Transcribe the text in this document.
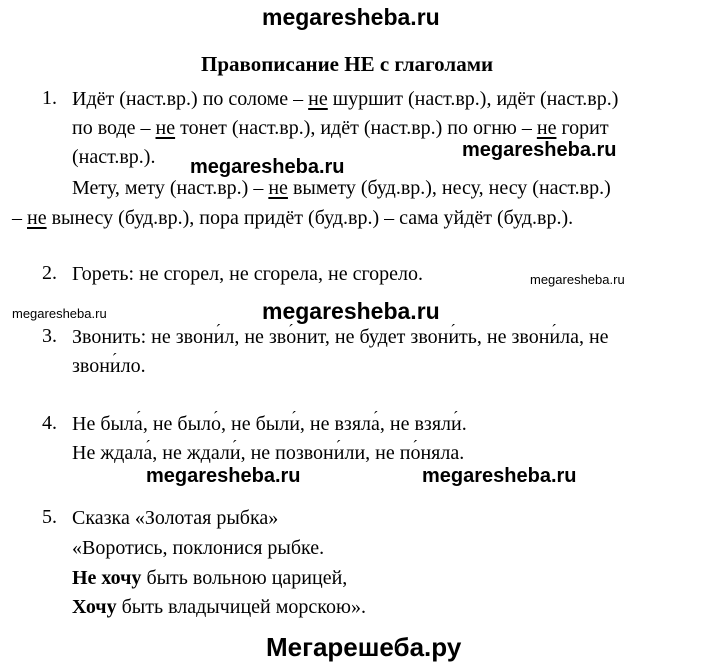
megaresheba.ru
Правописание НЕ с глаголами
1. Идёт (наст.вр.) по соломе – не шуршит (наст.вр.), идёт (наст.вр.)
по воде – не тонет (наст.вр.), идёт (наст.вр.) по огню – не горит
(наст.вр.).
Мету, мету (наст.вр.) – не вымету (буд.вр.), несу, несу (наст.вр.)
– не вынесу (буд.вр.), пора придёт (буд.вр.) – сама уйдёт (буд.вр.).
megaresheba.ru
megaresheba.ru
2. Гореть: не сгорел, не сгорела, не сгорело.	megaresheba.ru
megaresheba.ru	megaresheba.ru
3. Звонить: не звони ´л, не зво ´нит, не будет звони ´ть, не звони ´ла, не
звони ´ло.
4. Не была ´, не было ´, не были ´, не взяла ´, не взяли ´.
Не ждала ´, не ждали ´, не позвони ´ли, не по ´няла.
megaresheba.ru	megaresheba.ru
5. Сказка «Золотая рыбка»
«Воротись, поклонися рыбке.
Не хочу быть вольною царицей,
Хочу быть владычицей морскою».
Мегарешеба.ру
